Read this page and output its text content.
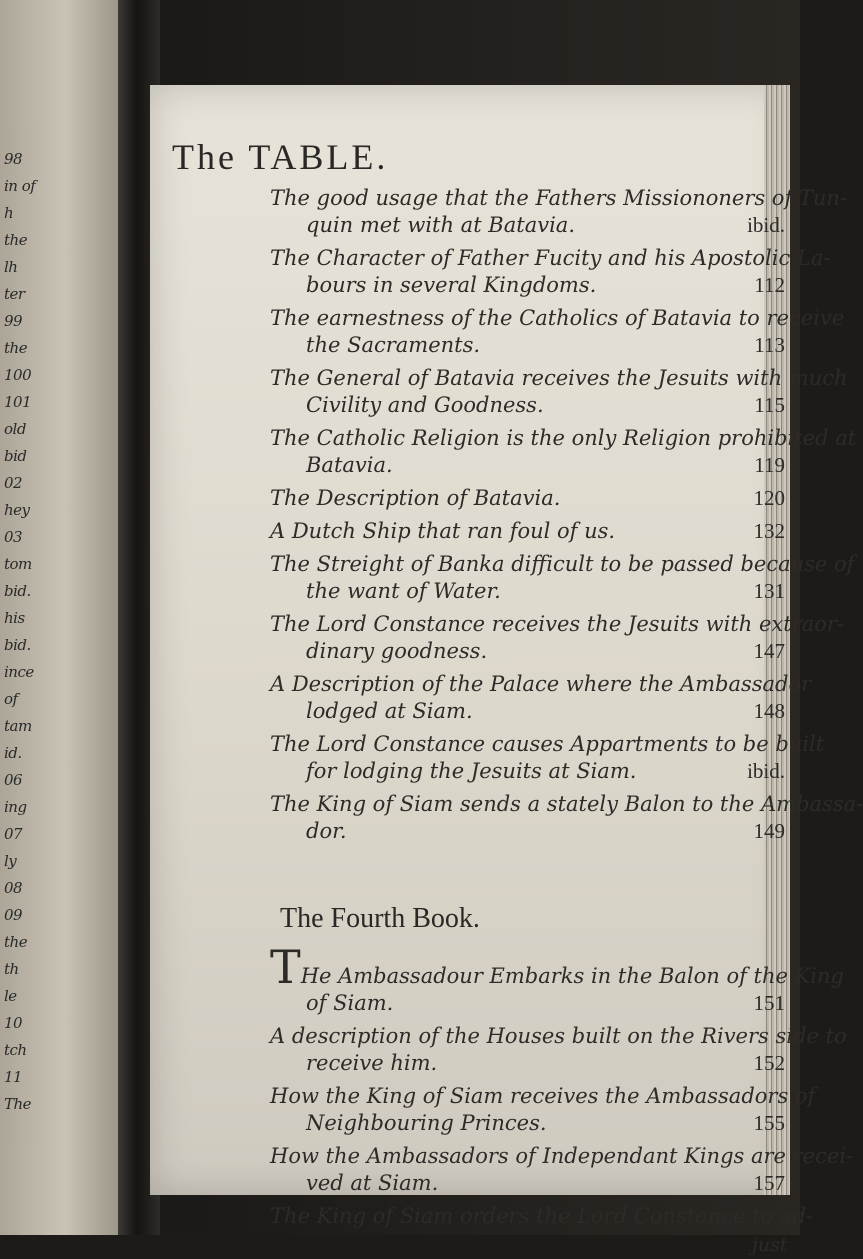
98
in of
h
the
lh
ter
99
the
100
101
old
bid
02
hey
03
tom
bid.
his
bid.
ince
of
tam
id.
06
ing
07
ly
08
09
the
th
le
10
tch
11
The
The TABLE.
The Fourth Book.
just
The good usage that the Fathers Missiononers of Tun-
quin met with at Batavia.	ibid.
The Character of Father Fucity and his Apostolic La-
bours in several Kingdoms.	112
The earnestness of the Catholics of Batavia to receive
the Sacraments.	113
The General of Batavia receives the Jesuits with much
Civility and Goodness.	115
The Catholic Religion is the only Religion prohibited at
Batavia.	119
The Description of Batavia.	120
A Dutch Ship that ran foul of us.	132
The Streight of Banka difficult to be passed because of
the want of Water.	131
The Lord Constance receives the Jesuits with extraor-
dinary goodness.	147
A Description of the Palace where the Ambassador
lodged at Siam.	148
The Lord Constance causes Appartments to be built
for lodging the Jesuits at Siam.	ibid.
The King of Siam sends a stately Balon to the Ambassa-
dor.	149
THe Ambassadour Embarks in the Balon of the King
of Siam.	151
A description of the Houses built on the Rivers side to
receive him.	152
How the King of Siam receives the Ambassadors of
Neighbouring Princes.	155
How the Ambassadors of Independant Kings are recei-
ved at Siam.	157
The King of Siam orders the Lord Constance to ad-
